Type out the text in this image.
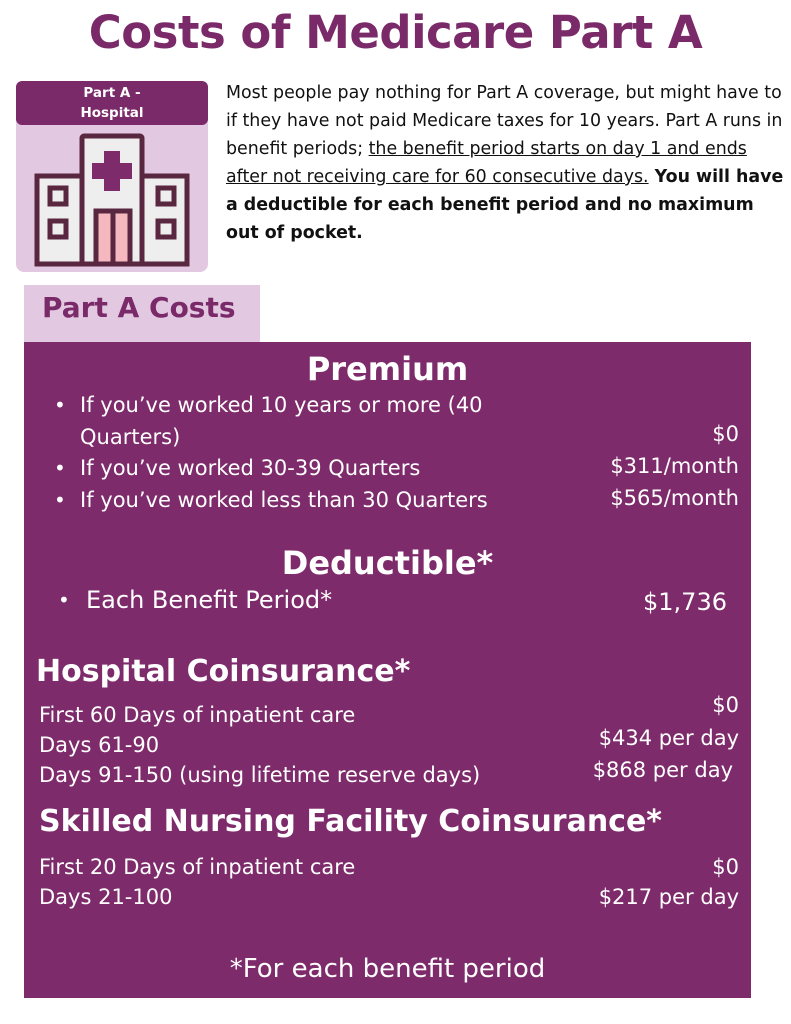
Costs of Medicare Part A
Part A -
Hospital
Most people pay nothing for Part A coverage, but might have to if they have not paid Medicare taxes for 10 years. Part A runs in benefit periods; the benefit period starts on day 1 and ends after not receiving care for 60 consecutive days. You will have a deductible for each benefit period and no maximum out of pocket.
Part A Costs
Premium
• If you’ve worked 10 years or more (40 Quarters)	$0
• If you’ve worked 30-39 Quarters	$311/month
• If you’ve worked less than 30 Quarters	$565/month
Deductible*
• Each Benefit Period*	$1,736
Hospital Coinsurance*
First 60 Days of inpatient care	$0
Days 61-90	$434 per day
Days 91-150 (using lifetime reserve days)	$868 per day
Skilled Nursing Facility Coinsurance*
First 20 Days of inpatient care	$0
Days 21-100	$217 per day
*For each benefit period
